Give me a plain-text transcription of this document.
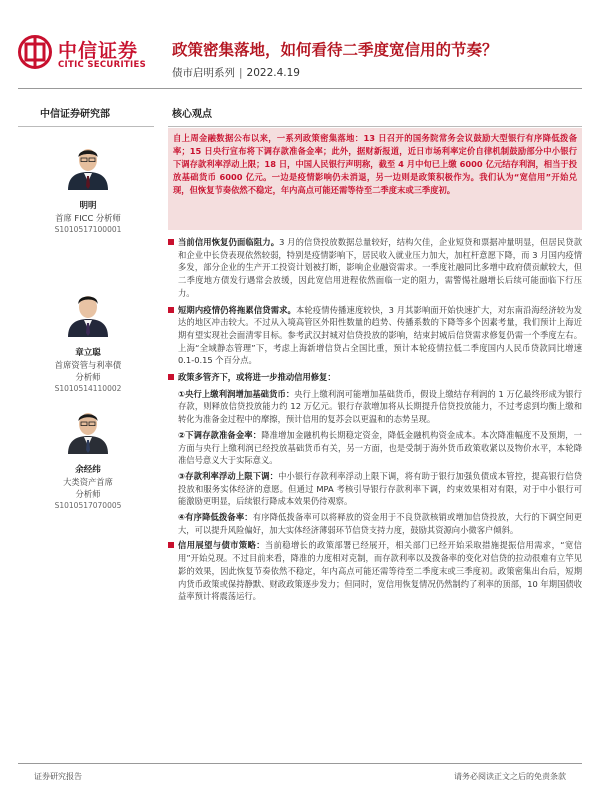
中信证券
CITIC SECURITIES
政策密集落地，如何看待二季度宽信用的节奏？
债市启明系列 | 2022.4.19
中信证券研究部
明明
首席 FICC 分析师
S1010517100001
章立聪
首席资管与利率债
分析师
S1010514110002
余经纬
大类资产首席
分析师
S1010517070005
核心观点
自上周金融数据公布以来，一系列政策密集落地：13 日召开的国务院常务会议鼓励大型银行有序降低拨备率；15 日央行宣布将下调存款准备金率；此外，据财新报道，近日市场利率定价自律机制鼓励部分中小银行下调存款利率浮动上限；18 日，中国人民银行声明称，截至 4 月中旬已上缴 6000 亿元结存利润，相当于投放基础货币 6000 亿元。一边是疫情影响仍未消退，另一边则是政策积极作为。我们认为“宽信用”开始兑现，但恢复节奏依然不稳定，年内高点可能还需等待至二季度末或三季度初。
当前信用恢复仍面临阻力。3 月的信贷投放数据总量较好，结构欠佳，企业短贷和票据冲量明显，但居民贷款和企业中长贷表现依然较弱，特别是疫情影响下，居民收入就业压力加大，加杠杆意愿下降，而 3 月国内疫情多发，部分企业的生产开工投资计划被打断，影响企业融资需求。一季度社融同比多增中政府债贡献较大，但二季度地方债发行遇常会放缓，因此宽信用进程依然面临一定的阻力，需警惕社融增长后续可能面临下行压力。
短期内疫情仍将拖累信贷需求。本轮疫情传播速度较快，3 月其影响面开始快速扩大，对东南沿海经济较为发达的地区冲击较大。不过从入境高管区外阳性数量的趋势、传播系数的下降等多个因素考量，我们预计上海近期有望实现社会面清零目标。参考武汉封城对信贷投放的影响，结束封城后信贷需求修复仍需一个季度左右。上海“全域静态管理”下，考虑上海新增信贷占全国比重，预计本轮疫情拉低二季度国内人民币贷款同比增速 0.1-0.15 个百分点。
政策多管齐下，或将进一步推动信用修复：
①央行上缴利润增加基础货币：央行上缴利润可能增加基础货币，假设上缴结存利润的 1 万亿最终形成为银行存款，则释放信贷投放能力约 12 万亿元。银行存款增加将从长期提升信贷投放能力，不过考虑到均衡上缴和转化为准备金过程中的摩擦，预计信用的复苏会以更温和的态势呈现。
②下调存款准备金率：降准增加金融机构长期稳定资金，降低金融机构资金成本。本次降准幅度不及预期，一方面与央行上缴利润已经投放基础货币有关，另一方面，也是受制于海外货币政策收紧以及物价水平，本轮降准信号意义大于实际意义。
③存款利率浮动上限下调：中小银行存款利率浮动上限下调，将有助于银行加强负债成本管控，提高银行信贷投放和服务实体经济的意愿。但通过 MPA 考核引导银行存款利率下调，约束效果相对有限，对于中小银行可能激励更明显，后续银行降成本效果仍待观察。
④有序降低拨备率：有序降低拨备率可以将释放的资金用于不良贷款核销或增加信贷投放，大行的下调空间更大，可以提升风险偏好，加大实体经济薄弱环节信贷支持力度，鼓励其资源向小微客户倾斜。
信用展望与债市策略：当前稳增长的政策部署已经展开，相关部门已经开始采取措施提振信用需求，“宽信用”开始兑现。不过目前来看，降准的力度相对克制，而存款利率以及拨备率的变化对信贷的拉动很难有立竿见影的效果，因此恢复节奏依然不稳定，年内高点可能还需等待至二季度末或三季度初。政策密集出台后，短期内货币政策或保持静默、财政政策逐步发力；但同时，宽信用恢复情况仍然制约了利率的顶部，10 年期国债收益率预计将震荡运行。
证券研究报告	请务必阅读正文之后的免责条款
